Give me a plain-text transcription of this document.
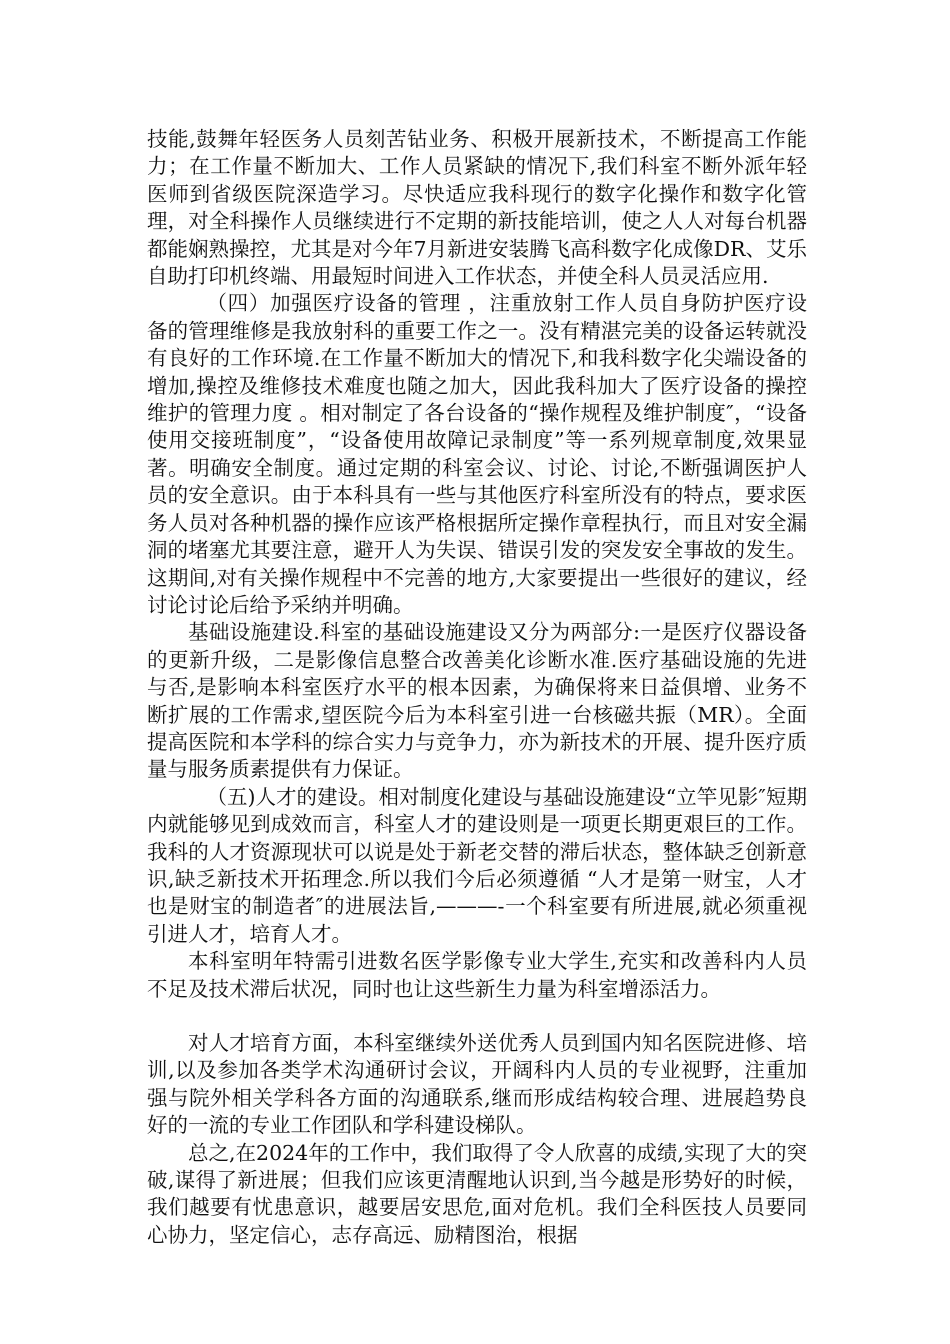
技能,鼓舞年轻医务人员刻苦钻业务、积极开展新技术，不断提高工作能力；在工作量不断加大、工作人员紧缺的情况下,我们科室不断外派年轻医师到省级医院深造学习。尽快适应我科现行的数字化操作和数字化管理，对全科操作人员继续进行不定期的新技能培训，使之人人对每台机器都能娴熟操控，尤其是对今年7月新进安装腾飞高科数字化成像DR、艾乐自助打印机终端、用最短时间进入工作状态，并使全科人员灵活应用.

（四）加强医疗设备的管理 ，注重放射工作人员自身防护医疗设备的管理维修是我放射科的重要工作之一。没有精湛完美的设备运转就没有良好的工作环境.在工作量不断加大的情况下,和我科数字化尖端设备的增加,操控及维修技术难度也随之加大，因此我科加大了医疗设备的操控维护的管理力度 。相对制定了各台设备的“操作规程及维护制度″，“设备使用交接班制度”，“设备使用故障记录制度”等一系列规章制度,效果显著。明确安全制度。通过定期的科室会议、讨论、讨论,不断强调医护人员的安全意识。由于本科具有一些与其他医疗科室所没有的特点，要求医务人员对各种机器的操作应该严格根据所定操作章程执行，而且对安全漏洞的堵塞尤其要注意，避开人为失误、错误引发的突发安全事故的发生。这期间,对有关操作规程中不完善的地方,大家要提出一些很好的建议，经讨论讨论后给予采纳并明确。

基础设施建设.科室的基础设施建设又分为两部分:一是医疗仪器设备的更新升级，二是影像信息整合改善美化诊断水准.医疗基础设施的先进与否,是影响本科室医疗水平的根本因素，为确保将来日益俱增、业务不断扩展的工作需求,望医院今后为本科室引进一台核磁共振（MR）。全面提高医院和本学科的综合实力与竞争力，亦为新技术的开展、提升医疗质量与服务质素提供有力保证。

（五)人才的建设。相对制度化建设与基础设施建设“立竿见影″短期内就能够见到成效而言，科室人才的建设则是一项更长期更艰巨的工作。我科的人才资源现状可以说是处于新老交替的滞后状态，整体缺乏创新意识,缺乏新技术开拓理念.所以我们今后必须遵循 “人才是第一财宝，人才也是财宝的制造者″的进展法旨,———-一个科室要有所进展,就必须重视引进人才，培育人才。

本科室明年特需引进数名医学影像专业大学生,充实和改善科内人员不足及技术滞后状况，同时也让这些新生力量为科室增添活力。

对人才培育方面，本科室继续外送优秀人员到国内知名医院进修、培训,以及参加各类学术沟通研讨会议，开阔科内人员的专业视野，注重加强与院外相关学科各方面的沟通联系,继而形成结构较合理、进展趋势良好的一流的专业工作团队和学科建设梯队。

总之,在2024年的工作中，我们取得了令人欣喜的成绩,实现了大的突破,谋得了新进展；但我们应该更清醒地认识到,当今越是形势好的时候，我们越要有忧患意识，越要居安思危,面对危机。我们全科医技人员要同心协力，坚定信心，志存高远、励精图治，根据
